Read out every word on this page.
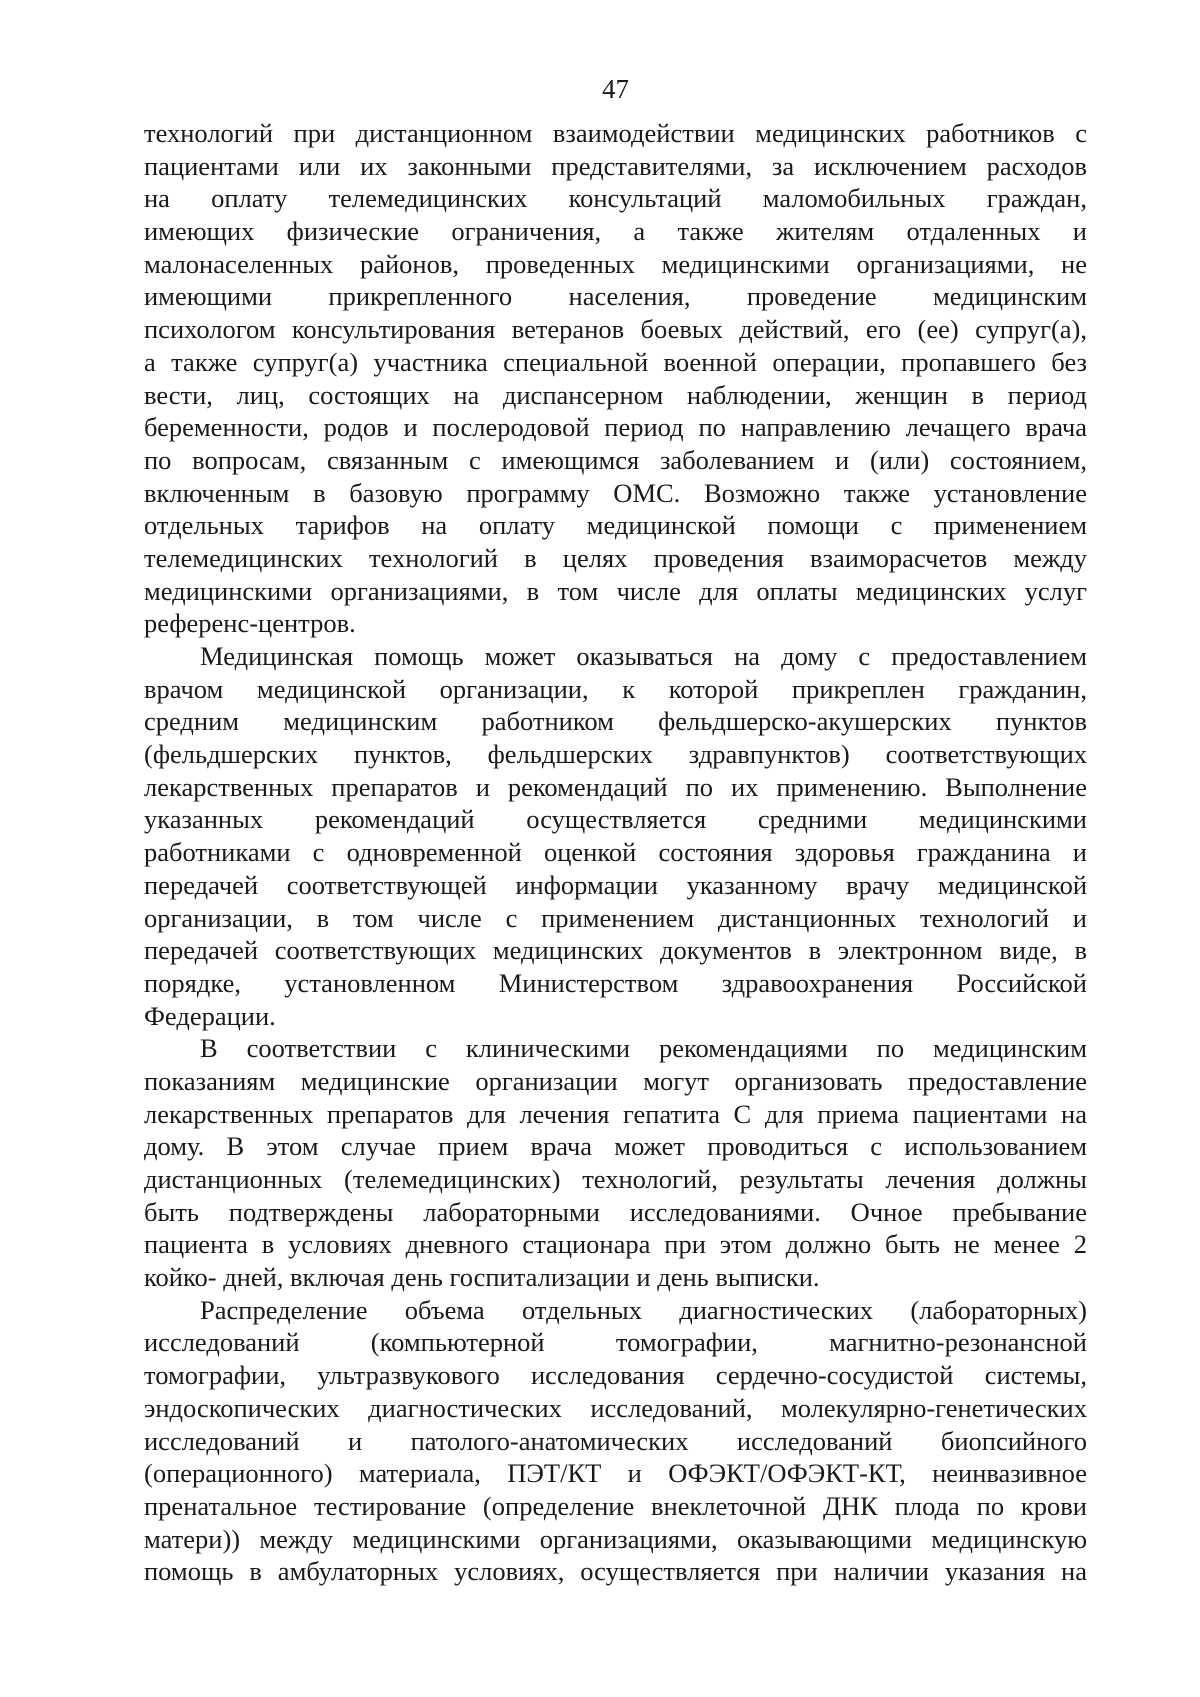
47
технологий при дистанционном взаимодействии медицинских работников с
пациентами или их законными представителями, за исключением расходов
на оплату телемедицинских консультаций маломобильных граждан,
имеющих физические ограничения, а также жителям отдаленных и
малонаселенных районов, проведенных медицинскими организациями, не
имеющими прикрепленного населения, проведение медицинским
психологом консультирования ветеранов боевых действий, его (ее) супруг(а),
а также супруг(а) участника специальной военной операции, пропавшего без
вести, лиц, состоящих на диспансерном наблюдении, женщин в период
беременности, родов и послеродовой период по направлению лечащего врача
по вопросам, связанным с имеющимся заболеванием и (или) состоянием,
включенным в базовую программу ОМС. Возможно также установление
отдельных тарифов на оплату медицинской помощи с применением
телемедицинских технологий в целях проведения взаиморасчетов между
медицинскими организациями, в том числе для оплаты медицинских услуг
референс-центров.
Медицинская помощь может оказываться на дому с предоставлением
врачом медицинской организации, к которой прикреплен гражданин,
средним медицинским работником фельдшерско-акушерских пунктов
(фельдшерских пунктов, фельдшерских здравпунктов) соответствующих
лекарственных препаратов и рекомендаций по их применению. Выполнение
указанных рекомендаций осуществляется средними медицинскими
работниками с одновременной оценкой состояния здоровья гражданина и
передачей соответствующей информации указанному врачу медицинской
организации, в том числе с применением дистанционных технологий и
передачей соответствующих медицинских документов в электронном виде, в
порядке, установленном Министерством здравоохранения Российской
Федерации.
В соответствии с клиническими рекомендациями по медицинским
показаниям медицинские организации могут организовать предоставление
лекарственных препаратов для лечения гепатита С для приема пациентами на
дому. В этом случае прием врача может проводиться с использованием
дистанционных (телемедицинских) технологий, результаты лечения должны
быть подтверждены лабораторными исследованиями. Очное пребывание
пациента в условиях дневного стационара при этом должно быть не менее 2
койко- дней, включая день госпитализации и день выписки.
Распределение объема отдельных диагностических (лабораторных)
исследований (компьютерной томографии, магнитно-резонансной
томографии, ультразвукового исследования сердечно-сосудистой системы,
эндоскопических диагностических исследований, молекулярно-генетических
исследований и патолого-анатомических исследований биопсийного
(операционного) материала, ПЭТ/КТ и ОФЭКТ/ОФЭКТ-КТ, неинвазивное
пренатальное тестирование (определение внеклеточной ДНК плода по крови
матери)) между медицинскими организациями, оказывающими медицинскую
помощь в амбулаторных условиях, осуществляется при наличии указания на
